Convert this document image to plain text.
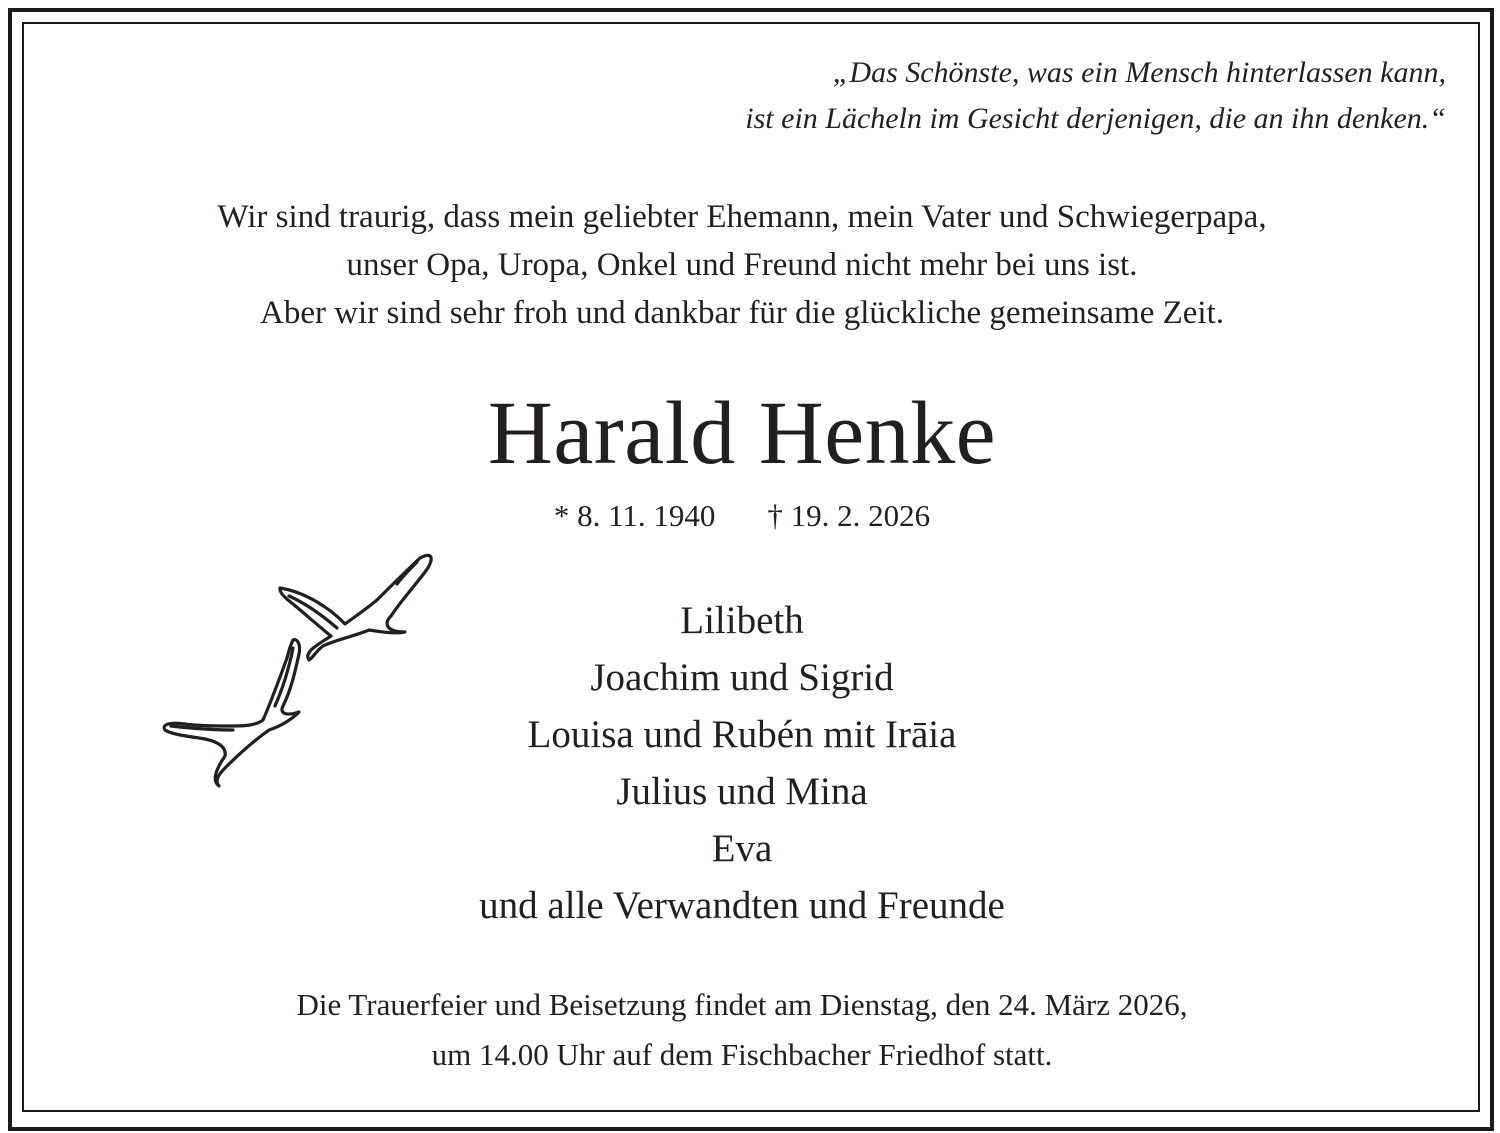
„Das Schönste, was ein Mensch hinterlassen kann,
ist ein Lächeln im Gesicht derjenigen, die an ihn denken.“
Wir sind traurig, dass mein geliebter Ehemann, mein Vater und Schwiegerpapa,
unser Opa, Uropa, Onkel und Freund nicht mehr bei uns ist.
Aber wir sind sehr froh und dankbar für die glückliche gemeinsame Zeit.
Harald Henke
* 8. 11. 1940 † 19. 2. 2026
Lilibeth
Joachim und Sigrid
Louisa und Rubén mit Irāia
Julius und Mina
Eva
und alle Verwandten und Freunde
Die Trauerfeier und Beisetzung findet am Dienstag, den 24. März 2026,
um 14.00 Uhr auf dem Fischbacher Friedhof statt.
